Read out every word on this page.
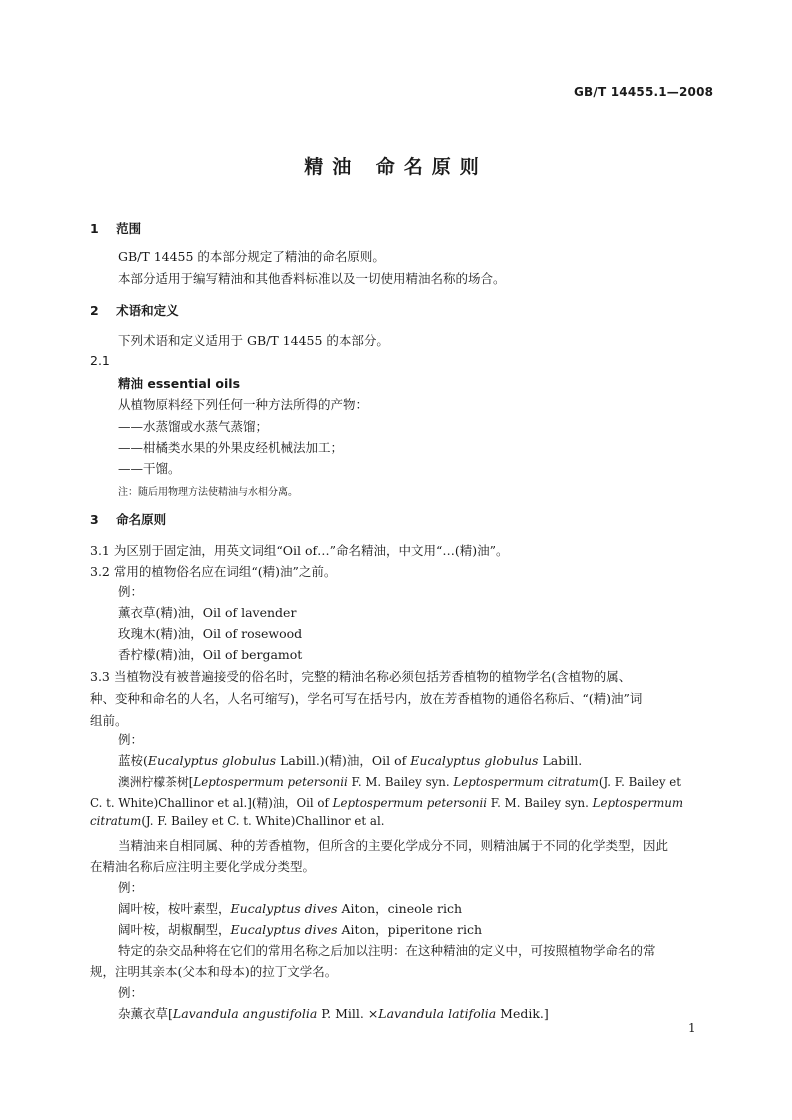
GB/T 14455.1—2008
精油 命名原则
1 范围
GB/T 14455 的本部分规定了精油的命名原则。
本部分适用于编写精油和其他香料标准以及一切使用精油名称的场合。
2 术语和定义
下列术语和定义适用于 GB/T 14455 的本部分。
2.1
精油 essential oils
从植物原料经下列任何一种方法所得的产物：
——水蒸馏或水蒸气蒸馏；
——柑橘类水果的外果皮经机械法加工；
——干馏。
注：随后用物理方法使精油与水相分离。
3 命名原则
3.1 为区别于固定油，用英文词组“Oil of…”命名精油，中文用“…(精)油”。
3.2 常用的植物俗名应在词组“(精)油”之前。
例：
薰衣草(精)油，Oil of lavender
玫瑰木(精)油，Oil of rosewood
香柠檬(精)油，Oil of bergamot
3.3 当植物没有被普遍接受的俗名时，完整的精油名称必须包括芳香植物的植物学名(含植物的属、
种、变种和命名的人名，人名可缩写)，学名可写在括号内，放在芳香植物的通俗名称后、“(精)油”词
组前。
例：
蓝桉(Eucalyptus globulus Labill.)(精)油，Oil of Eucalyptus globulus Labill.
澳洲柠檬茶树[Leptospermum petersonii F. M. Bailey syn. Leptospermum citratum(J. F. Bailey et
C. t. White)Challinor et al.](精)油，Oil of Leptospermum petersonii F. M. Bailey syn. Leptospermum
citratum(J. F. Bailey et C. t. White)Challinor et al.
当精油来自相同属、种的芳香植物，但所含的主要化学成分不同，则精油属于不同的化学类型，因此
在精油名称后应注明主要化学成分类型。
例：
阔叶桉，桉叶素型，Eucalyptus dives Aiton，cineole rich
阔叶桉，胡椒酮型，Eucalyptus dives Aiton，piperitone rich
特定的杂交品种将在它们的常用名称之后加以注明：在这种精油的定义中，可按照植物学命名的常
规，注明其亲本(父本和母本)的拉丁文学名。
例：
杂薰衣草[Lavandula angustifolia P. Mill. ×Lavandula latifolia Medik.]
1
